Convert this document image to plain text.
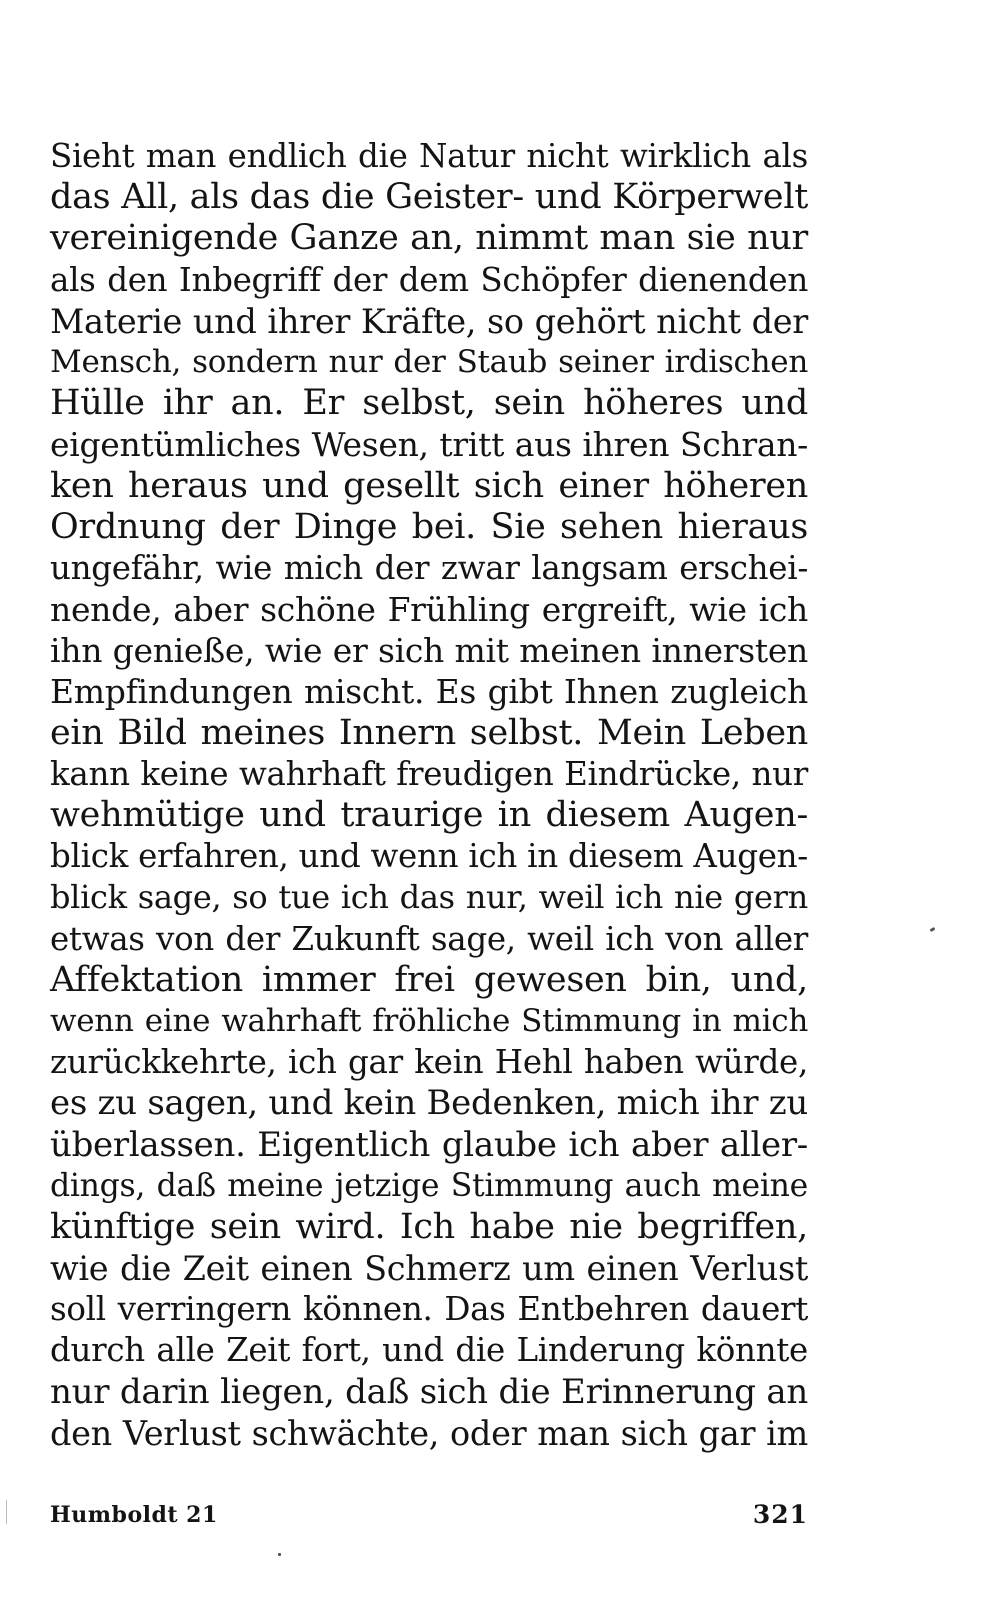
Sieht man endlich die Natur nicht wirklich als
das All, als das die Geister- und Körperwelt
vereinigende Ganze an, nimmt man sie nur
als den Inbegriff der dem Schöpfer dienenden
Materie und ihrer Kräfte, so gehört nicht der
Mensch, sondern nur der Staub seiner irdischen
Hülle ihr an. Er selbst, sein höheres und
eigentümliches Wesen, tritt aus ihren Schran-
ken heraus und gesellt sich einer höheren
Ordnung der Dinge bei. Sie sehen hieraus
ungefähr, wie mich der zwar langsam erschei-
nende, aber schöne Frühling ergreift, wie ich
ihn genieße, wie er sich mit meinen innersten
Empfindungen mischt. Es gibt Ihnen zugleich
ein Bild meines Innern selbst. Mein Leben
kann keine wahrhaft freudigen Eindrücke, nur
wehmütige und traurige in diesem Augen-
blick erfahren, und wenn ich in diesem Augen-
blick sage, so tue ich das nur, weil ich nie gern
etwas von der Zukunft sage, weil ich von aller
Affektation immer frei gewesen bin, und,
wenn eine wahrhaft fröhliche Stimmung in mich
zurückkehrte, ich gar kein Hehl haben würde,
es zu sagen, und kein Bedenken, mich ihr zu
überlassen. Eigentlich glaube ich aber aller-
dings, daß meine jetzige Stimmung auch meine
künftige sein wird. Ich habe nie begriffen,
wie die Zeit einen Schmerz um einen Verlust
soll verringern können. Das Entbehren dauert
durch alle Zeit fort, und die Linderung könnte
nur darin liegen, daß sich die Erinnerung an
den Verlust schwächte, oder man sich gar im
Humboldt 21	321
